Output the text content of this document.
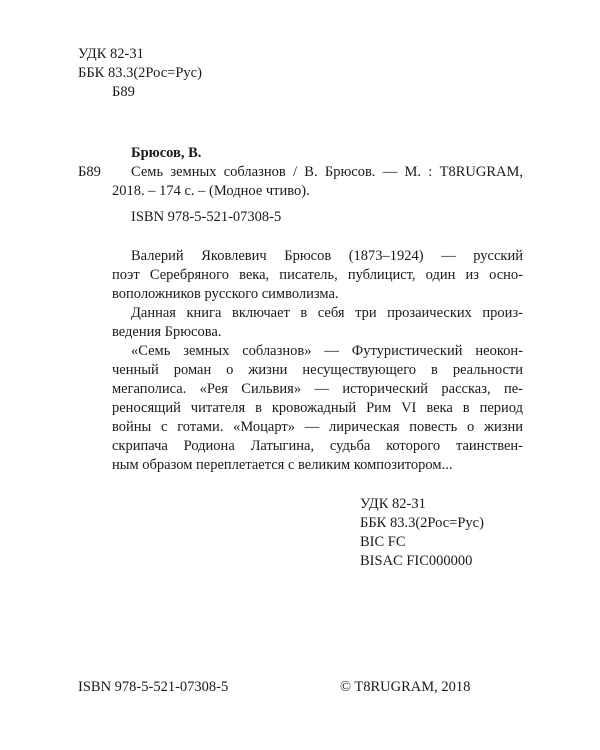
УДК 82-31
ББК 83.3(2Рос=Рус)
Б89
Брюсов, В.
Б89 Семь земных соблазнов / В. Брюсов. — М. : T8RUGRAM,
2018. – 174 с. – (Модное чтиво).
ISBN 978-5-521-07308-5
Валерий Яковлевич Брюсов (1873–1924) — русский
поэт Серебряного века, писатель, публицист, один из осно-
воположников русского символизма.
Данная книга включает в себя три прозаических произ-
ведения Брюсова.
«Семь земных соблазнов» — Футуристический неокон-
ченный роман о жизни несуществующего в реальности
мегаполиса. «Рея Сильвия» — исторический рассказ, пе-
реносящий читателя в кровожадный Рим VI века в период
войны с готами. «Моцарт» — лирическая повесть о жизни
скрипача Родиона Латыгина, судьба которого таинствен-
ным образом переплетается с великим композитором...
УДК 82-31
ББК 83.3(2Рос=Рус)
BIC FC
BISAC FIC000000
ISBN 978-5-521-07308-5	© T8RUGRAM, 2018
